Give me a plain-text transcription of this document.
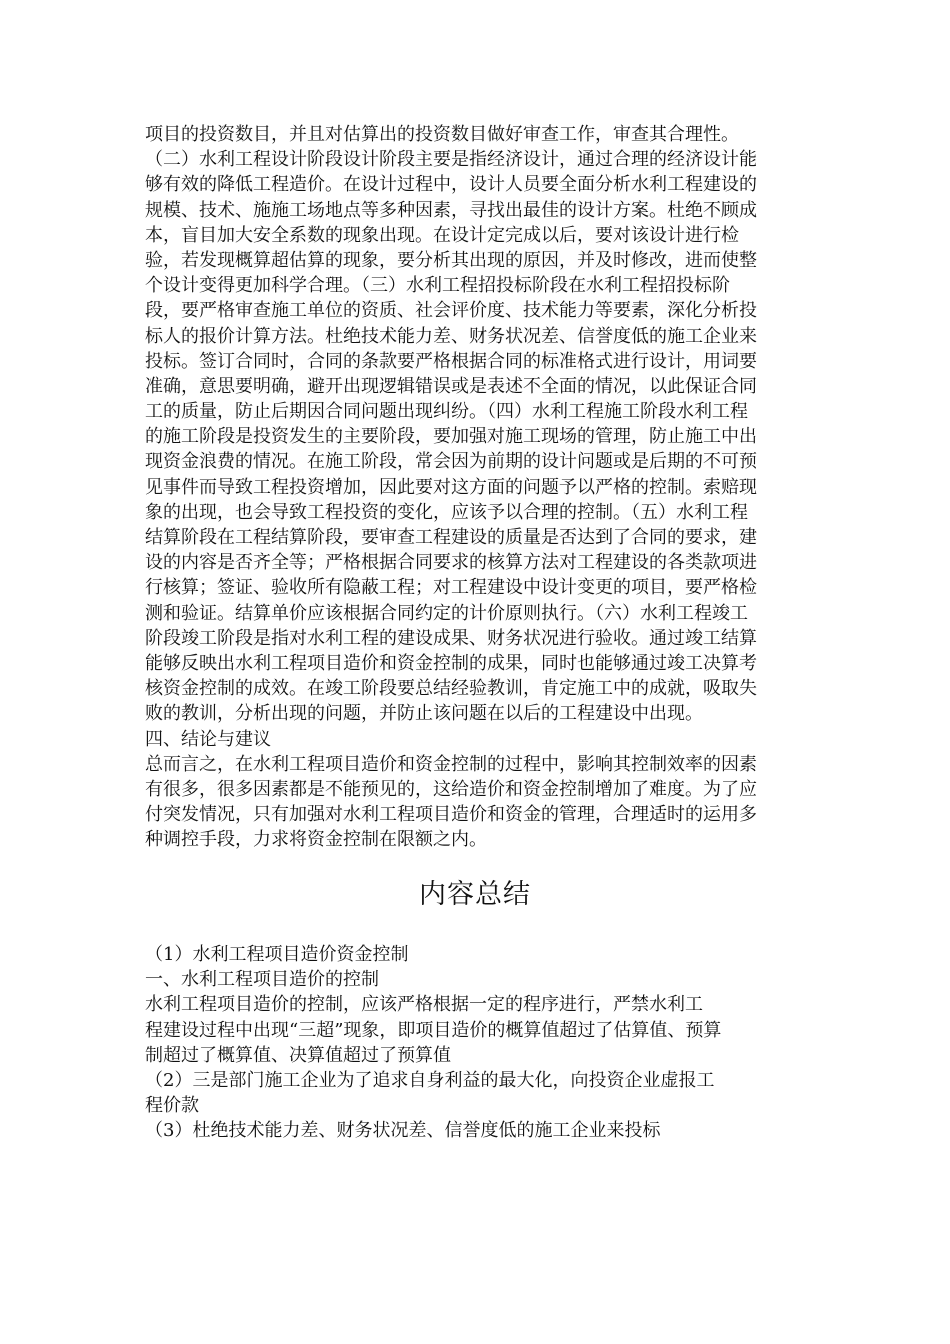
项目的投资数目，并且对估算出的投资数目做好审查工作，审查其合理性。
（二）水利工程设计阶段设计阶段主要是指经济设计，通过合理的经济设计能
够有效的降低工程造价。在设计过程中，设计人员要全面分析水利工程建设的
规模、技术、施施工场地点等多种因素，寻找出最佳的设计方案。杜绝不顾成
本，盲目加大安全系数的现象出现。在设计定完成以后，要对该设计进行检
验，若发现概算超估算的现象，要分析其出现的原因，并及时修改，进而使整
个设计变得更加科学合理。（三）水利工程招投标阶段在水利工程招投标阶
段，要严格审查施工单位的资质、社会评价度、技术能力等要素，深化分析投
标人的报价计算方法。杜绝技术能力差、财务状况差、信誉度低的施工企业来
投标。签订合同时，合同的条款要严格根据合同的标准格式进行设计，用词要
准确，意思要明确，避开出现逻辑错误或是表述不全面的情况，以此保证合同
工的质量，防止后期因合同问题出现纠纷。（四）水利工程施工阶段水利工程
的施工阶段是投资发生的主要阶段，要加强对施工现场的管理，防止施工中出
现资金浪费的情况。在施工阶段，常会因为前期的设计问题或是后期的不可预
见事件而导致工程投资增加，因此要对这方面的问题予以严格的控制。索赔现
象的出现，也会导致工程投资的变化，应该予以合理的控制。（五）水利工程
结算阶段在工程结算阶段，要审查工程建设的质量是否达到了合同的要求，建
设的内容是否齐全等；严格根据合同要求的核算方法对工程建设的各类款项进
行核算；签证、验收所有隐蔽工程；对工程建设中设计变更的项目，要严格检
测和验证。结算单价应该根据合同约定的计价原则执行。（六）水利工程竣工
阶段竣工阶段是指对水利工程的建设成果、财务状况进行验收。通过竣工结算
能够反映出水利工程项目造价和资金控制的成果，同时也能够通过竣工决算考
核资金控制的成效。在竣工阶段要总结经验教训，肯定施工中的成就，吸取失
败的教训，分析出现的问题，并防止该问题在以后的工程建设中出现。
四、结论与建议
总而言之，在水利工程项目造价和资金控制的过程中，影响其控制效率的因素
有很多，很多因素都是不能预见的，这给造价和资金控制增加了难度。为了应
付突发情况，只有加强对水利工程项目造价和资金的管理，合理适时的运用多
种调控手段，力求将资金控制在限额之内。
内容总结
（1）水利工程项目造价资金控制
一、水利工程项目造价的控制
水利工程项目造价的控制，应该严格根据一定的程序进行，严禁水利工
程建设过程中出现“三超”现象，即项目造价的概算值超过了估算值、预算
制超过了概算值、决算值超过了预算值
（2）三是部门施工企业为了追求自身利益的最大化，向投资企业虚报工
程价款
（3）杜绝技术能力差、财务状况差、信誉度低的施工企业来投标
